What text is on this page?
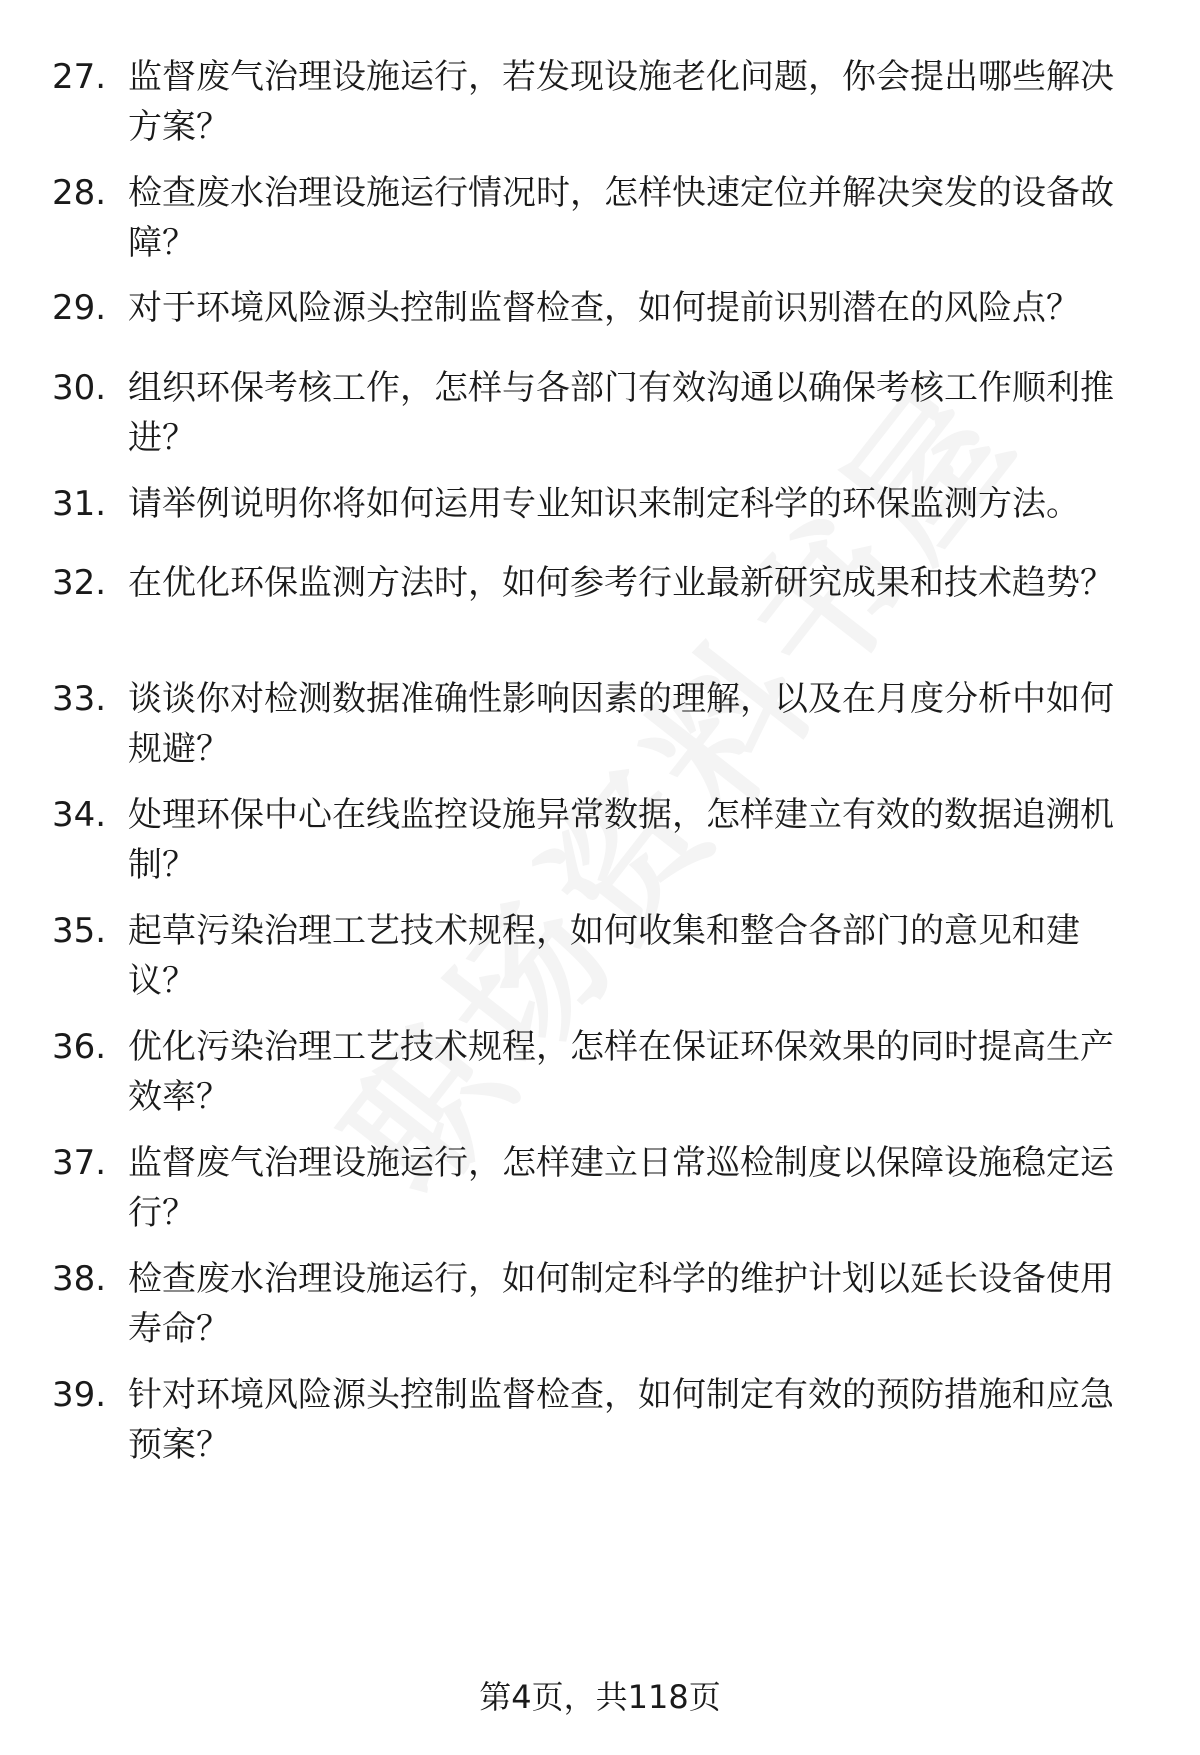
27. 监督废气治理设施运行，若发现设施老化问题，你会提出哪些解决方案？
28. 检查废水治理设施运行情况时，怎样快速定位并解决突发的设备故障？
29. 对于环境风险源头控制监督检查，如何提前识别潜在的风险点？
30. 组织环保考核工作，怎样与各部门有效沟通以确保考核工作顺利推进？
31. 请举例说明你将如何运用专业知识来制定科学的环保监测方法。
32. 在优化环保监测方法时，如何参考行业最新研究成果和技术趋势？
33. 谈谈你对检测数据准确性影响因素的理解，以及在月度分析中如何规避？
34. 处理环保中心在线监控设施异常数据，怎样建立有效的数据追溯机制？
35. 起草污染治理工艺技术规程，如何收集和整合各部门的意见和建议？
36. 优化污染治理工艺技术规程，怎样在保证环保效果的同时提高生产效率？
37. 监督废气治理设施运行，怎样建立日常巡检制度以保障设施稳定运行？
38. 检查废水治理设施运行，如何制定科学的维护计划以延长设备使用寿命？
39. 针对环境风险源头控制监督检查，如何制定有效的预防措施和应急预案？
第4页，共118页
